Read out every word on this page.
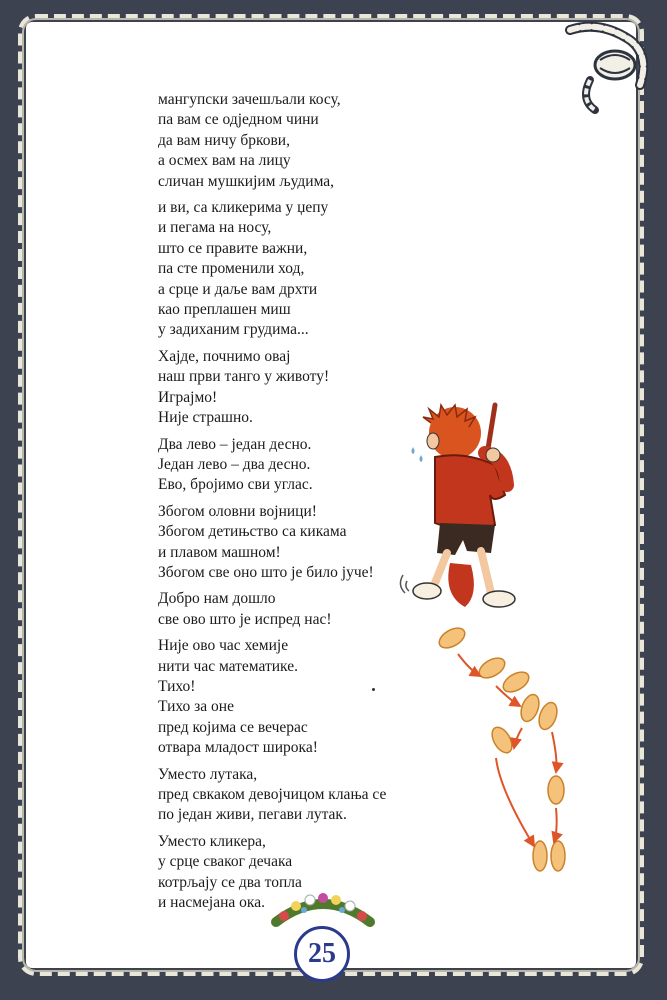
мангупски зачешљали косу,
па вам се одједном чини
да вам ничу бркови,
а осмех вам на лицу
сличан мушкијим људима,
и ви, са кликерима у џепу
и пегама на носу,
што се правите важни,
па сте променили ход,
а срце и даље вам дрхти
као преплашен миш
у задиханим грудима...
Хајде, почнимо овај
наш први танго у животу!
Играјмо!
Није страшно.
Два лево – један десно.
Један лево – два десно.
Ево, бројимо сви углас.
Збогом оловни војници!
Збогом детињство са кикама
и плавом машном!
Збогом све оно што је било јуче!
Добро нам дошло
све ово што је испред нас!
Није ово час хемије
нити час математике.
Тихо!
Тихо за оне
пред којима се вечерас
отвара младост широка!
Уместо лутака,
пред свкаком девојчицом клања се
по један живи, пегави лутак.
Уместо кликера,
у срце сваког дечака
котрљају се два топла
и насмејана ока.
25
